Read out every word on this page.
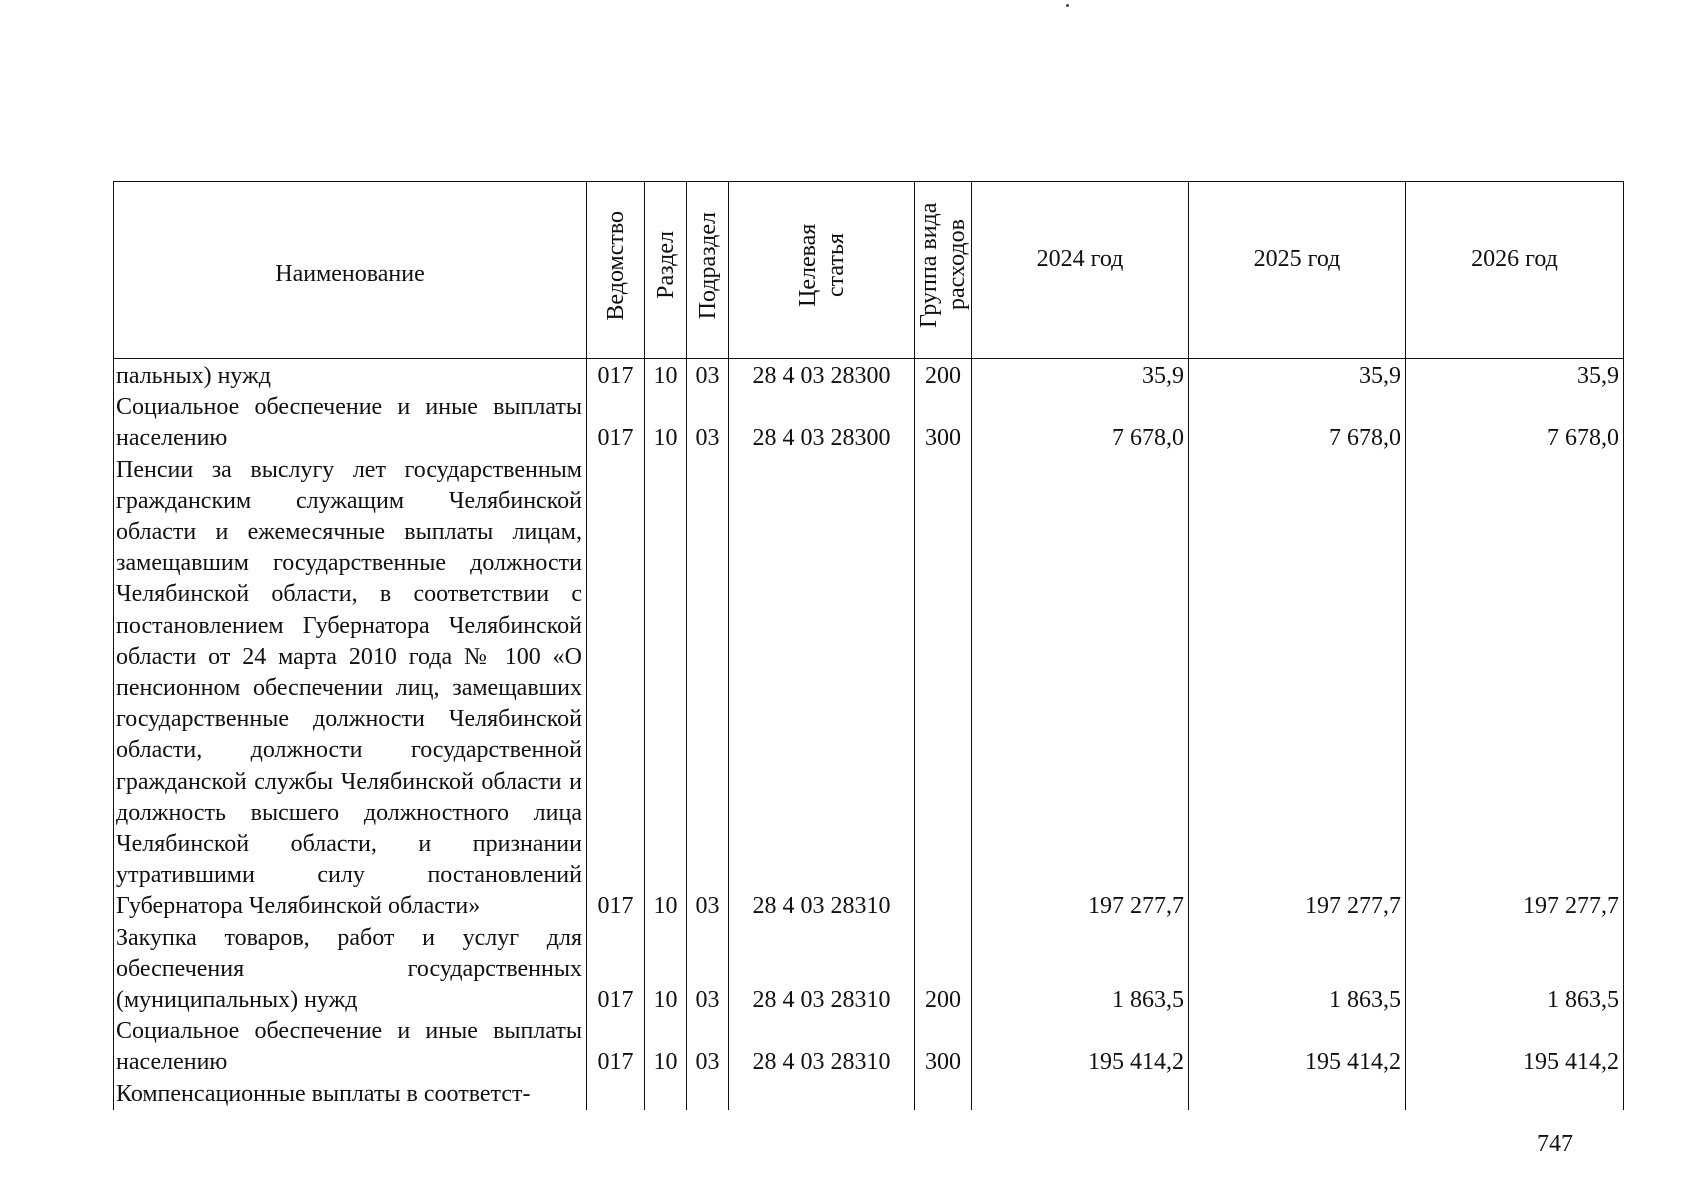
Наименование	Ведомство	Раздел	Подраздел	Целевая статья	Группа вида расходов	2024 год	2025 год	2026 год
пальных) нужд	017	10	03	28 4 03 28300	200	35,9	35,9	35,9
Социальное обеспечение и иные выплаты населению	017	10	03	28 4 03 28300	300	7 678,0	7 678,0	7 678,0
Пенсии за выслугу лет государственным гражданским служащим Челябинской области и ежемесячные выплаты лицам, замещавшим государственные должности Челябинской области, в соответствии с постановлением Губернатора Челябинской области от 24 марта 2010 года № 100 «О пенсионном обеспечении лиц, замещавших государственные должности Челябинской области, должности государственной гражданской службы Челябинской области и должность высшего должностного лица Челябинской области, и признании утратившими силу постановлений Губернатора Челябинской области»	017	10	03	28 4 03 28310		197 277,7	197 277,7	197 277,7
Закупка товаров, работ и услуг для обеспечения государственных (муниципальных) нужд	017	10	03	28 4 03 28310	200	1 863,5	1 863,5	1 863,5
Социальное обеспечение и иные выплаты населению	017	10	03	28 4 03 28310	300	195 414,2	195 414,2	195 414,2
Компенсационные выплаты в соответст-								
747
